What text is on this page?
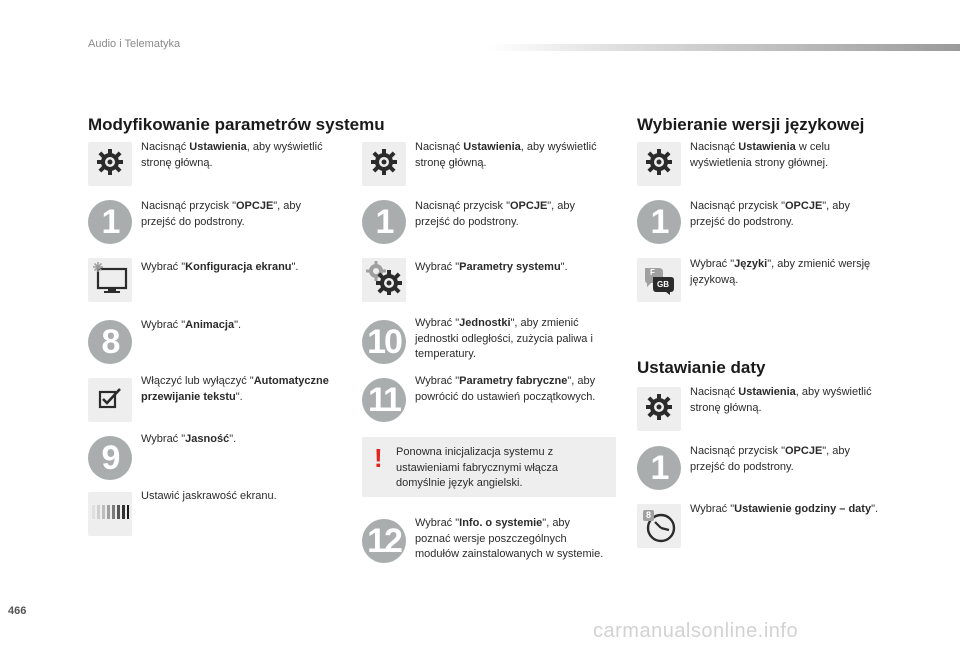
Audio i Telematyka
Modyfikowanie parametrów systemu
Nacisnąć Ustawienia, aby wyświetlić stronę główną.
1	Nacisnąć przycisk "OPCJE", aby przejść do podstrony.
Wybrać "Konfiguracja ekranu".
8	Wybrać "Animacja".
Włączyć lub wyłączyć "Automatyczne przewijanie tekstu".
9	Wybrać "Jasność".
Ustawić jaskrawość ekranu.
Nacisnąć Ustawienia, aby wyświetlić stronę główną.
1	Nacisnąć przycisk "OPCJE", aby przejść do podstrony.
Wybrać "Parametry systemu".
10	Wybrać "Jednostki", aby zmienić jednostki odległości, zużycia paliwa i temperatury.
11	Wybrać "Parametry fabryczne", aby powrócić do ustawień początkowych.
! Ponowna inicjalizacja systemu z ustawieniami fabrycznymi włącza domyślnie język angielski.
12	Wybrać "Info. o systemie", aby poznać wersje poszczególnych modułów zainstalowanych w systemie.
Wybieranie wersji językowej
Nacisnąć Ustawienia w celu wyświetlenia strony głównej.
1	Nacisnąć przycisk "OPCJE", aby przejść do podstrony.
F
GB
Wybrać "Języki", aby zmienić wersję językową.
Ustawianie daty
Nacisnąć Ustawienia, aby wyświetlić stronę główną.
1	Nacisnąć przycisk "OPCJE", aby przejść do podstrony.
8	Wybrać "Ustawienie godziny – daty".
466
carmanualsonline.info
